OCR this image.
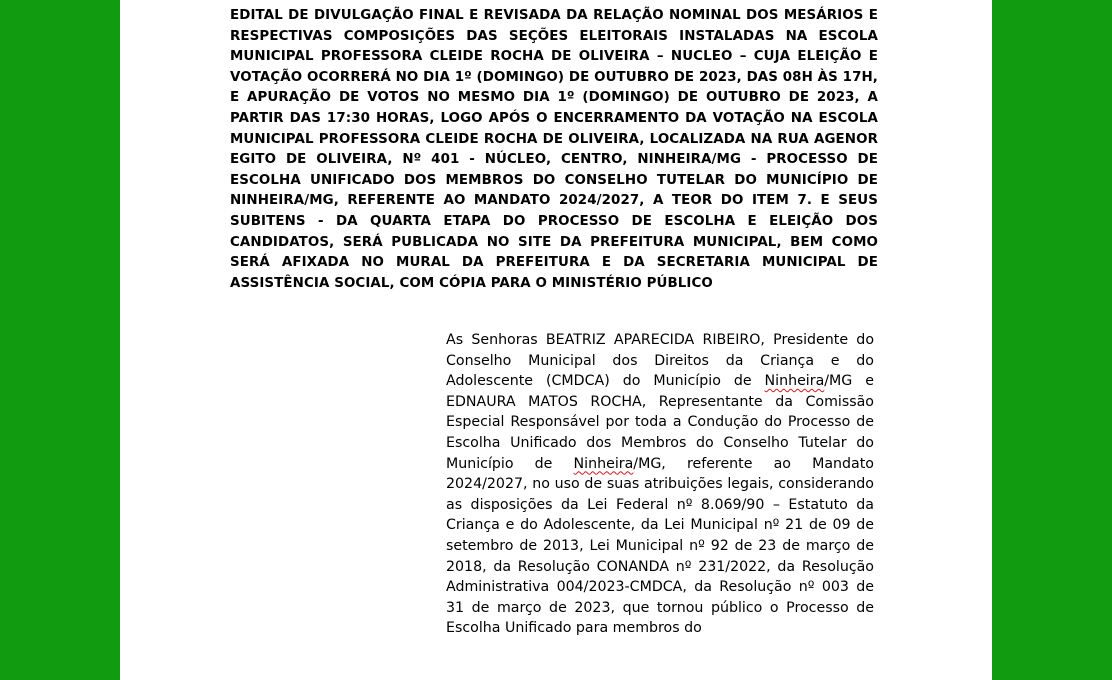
EDITAL DE DIVULGAÇÃO FINAL E REVISADA DA RELAÇÃO NOMINAL DOS MESÁRIOS E RESPECTIVAS COMPOSIÇÕES DAS SEÇÕES ELEITORAIS INSTALADAS NA ESCOLA MUNICIPAL PROFESSORA CLEIDE ROCHA DE OLIVEIRA – NUCLEO – CUJA ELEIÇÃO E VOTAÇÃO OCORRERÁ NO DIA 1º (DOMINGO) DE OUTUBRO DE 2023, DAS 08H ÀS 17H, E APURAÇÃO DE VOTOS NO MESMO DIA 1º (DOMINGO) DE OUTUBRO DE 2023, A PARTIR DAS 17:30 HORAS, LOGO APÓS O ENCERRAMENTO DA VOTAÇÃO NA ESCOLA MUNICIPAL PROFESSORA CLEIDE ROCHA DE OLIVEIRA, LOCALIZADA NA RUA AGENOR EGITO DE OLIVEIRA, Nº 401 - NÚCLEO, CENTRO, NINHEIRA/MG - PROCESSO DE ESCOLHA UNIFICADO DOS MEMBROS DO CONSELHO TUTELAR DO MUNICÍPIO DE NINHEIRA/MG, REFERENTE AO MANDATO 2024/2027, A TEOR DO ITEM 7. E SEUS SUBITENS - DA QUARTA ETAPA DO PROCESSO DE ESCOLHA E ELEIÇÃO DOS CANDIDATOS, SERÁ PUBLICADA NO SITE DA PREFEITURA MUNICIPAL, BEM COMO SERÁ AFIXADA NO MURAL DA PREFEITURA E DA SECRETARIA MUNICIPAL DE ASSISTÊNCIA SOCIAL, COM CÓPIA PARA O MINISTÉRIO PÚBLICO

As Senhoras BEATRIZ APARECIDA RIBEIRO, Presidente do Conselho Municipal dos Direitos da Criança e do Adolescente (CMDCA) do Município de Ninheira/MG e EDNAURA MATOS ROCHA, Representante da Comissão Especial Responsável por toda a Condução do Processo de Escolha Unificado dos Membros do Conselho Tutelar do Município de Ninheira/MG, referente ao Mandato 2024/2027, no uso de suas atribuições legais, considerando as disposições da Lei Federal nº 8.069/90 – Estatuto da Criança e do Adolescente, da Lei Municipal nº 21 de 09 de setembro de 2013, Lei Municipal nº 92 de 23 de março de 2018, da Resolução CONANDA nº 231/2022, da Resolução Administrativa 004/2023-CMDCA, da Resolução nº 003 de 31 de março de 2023, que tornou público o Processo de Escolha Unificado para membros do
